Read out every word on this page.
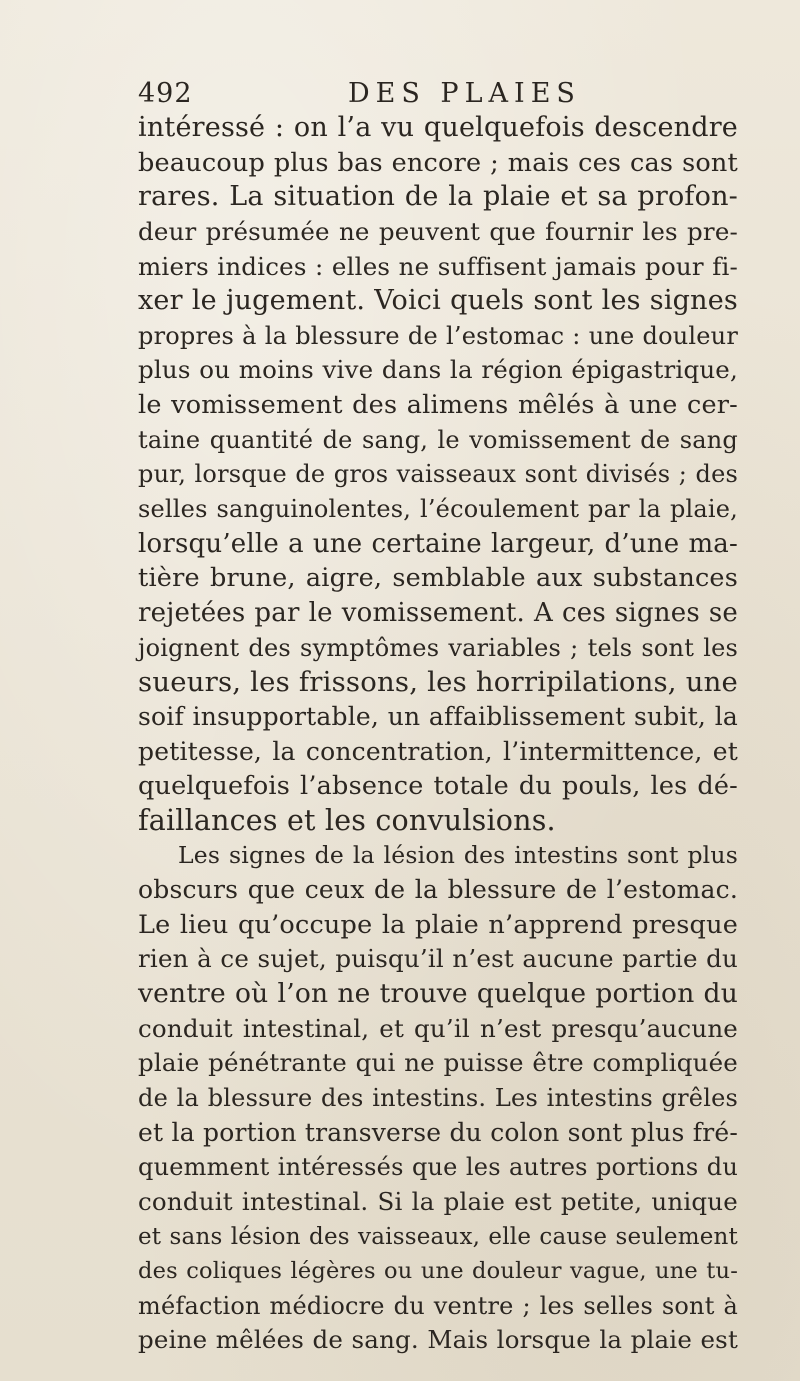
492	DES PLAIES
intéressé : on l’a vu quelquefois descendre
beaucoup plus bas encore ; mais ces cas sont
rares. La situation de la plaie et sa profon-
deur présumée ne peuvent que fournir les pre-
miers indices : elles ne suffisent jamais pour fi-
xer le jugement. Voici quels sont les signes
propres à la blessure de l’estomac : une douleur
plus ou moins vive dans la région épigastrique,
le vomissement des alimens mêlés à une cer-
taine quantité de sang, le vomissement de sang
pur, lorsque de gros vaisseaux sont divisés ; des
selles sanguinolentes, l’écoulement par la plaie,
lorsqu’elle a une certaine largeur, d’une ma-
tière brune, aigre, semblable aux substances
rejetées par le vomissement. A ces signes se
joignent des symptômes variables ; tels sont les
sueurs, les frissons, les horripilations, une
soif insupportable, un affaiblissement subit, la
petitesse, la concentration, l’intermittence, et
quelquefois l’absence totale du pouls, les dé-
faillances et les convulsions.
Les signes de la lésion des intestins sont plus
obscurs que ceux de la blessure de l’estomac.
Le lieu qu’occupe la plaie n’apprend presque
rien à ce sujet, puisqu’il n’est aucune partie du
ventre où l’on ne trouve quelque portion du
conduit intestinal, et qu’il n’est presqu’aucune
plaie pénétrante qui ne puisse être compliquée
de la blessure des intestins. Les intestins grêles
et la portion transverse du colon sont plus fré-
quemment intéressés que les autres portions du
conduit intestinal. Si la plaie est petite, unique
et sans lésion des vaisseaux, elle cause seulement
des coliques légères ou une douleur vague, une tu-
méfaction médiocre du ventre ; les selles sont à
peine mêlées de sang. Mais lorsque la plaie est
